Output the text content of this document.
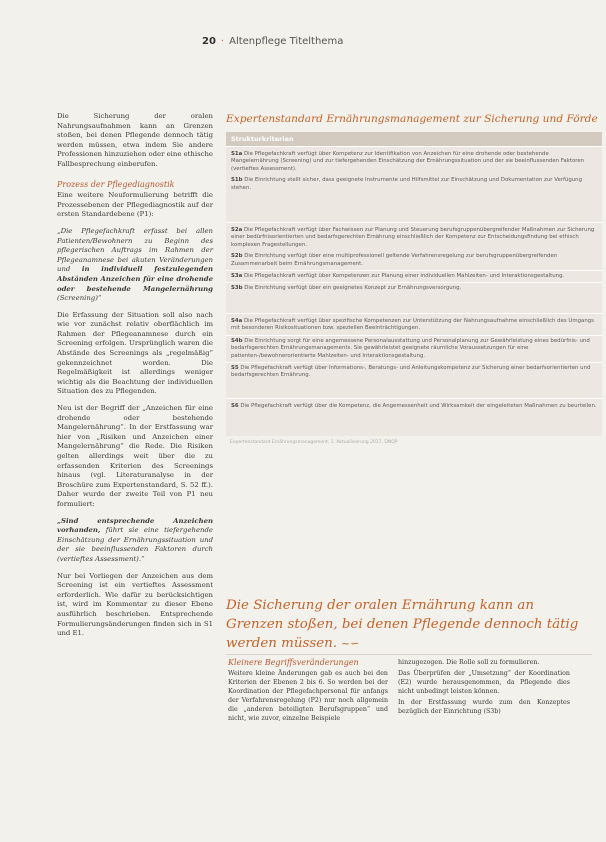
20 · Altenpflege Titelthema

Die Sicherung der oralen Nahrungsaufnahmen kann an Grenzen stoßen, bei denen Pflegende dennoch tätig werden müssen, etwa indem Sie andere Professionen hinzuziehen oder eine ethische Fallbesprechung einberufen.

Prozess der Pflegediagnostik

Eine weitere Neuformulierung betrifft die Prozessebenen der Pflegediagnostik auf der ersten Standardebene (P1):

„Die Pflegefachkraft erfasst bei allen Patienten/Bewohnern zu Beginn des pflegerischen Auftrags im Rahmen der Pflegeanamnese bei akuten Veränderungen und in individuell festzulegenden Abständen Anzeichen für eine drohende oder bestehende Mangelernährung (Screening)“

Die Erfassung der Situation soll also nach wie vor zunächst relativ oberflächlich im Rahmen der Pflegeanamnese durch ein Screening erfolgen. Ursprünglich waren die Abstände des Screenings als „regelmäßig“ gekennzeichnet worden. Die Regelmäßigkeit ist allerdings weniger wichtig als die Beachtung der individuellen Situation des zu Pflegenden.

Neu ist der Begriff der „Anzeichen für eine drohende oder bestehende Mangelernährung“. In der Erstfassung war hier von „Risiken und Anzeichen einer Mangelernährung“ die Rede. Die Risiken gelten allerdings weit über die zu erfassenden Kriterien des Screenings hinaus (vgl. Literaturanalyse in der Broschüre zum Expertenstandard, S. 52 ff.). Daher wurde der zweite Teil von P1 neu formuliert:

„Sind entsprechende Anzeichen vorhanden, führt sie eine tiefergehende Einschätzung der Ernährungssituation und der sie beeinflussenden Faktoren durch (vertieftes Assessment).“

Nur bei Vorliegen der Anzeichen aus dem Screening ist ein vertieftes Assessment erforderlich. Wie dafür zu berücksichtigen ist, wird im Kommentar zu dieser Ebene ausführlich beschrieben. Entsprechende Formulierungsänderungen finden sich in S1 und E1.

Expertenstandard Ernährungsmanagement zur Sicherung und Förde
Strukturkriterien
S1a Die Pflegefachkraft verfügt über Kompetenz zur Identifikation von Anzeichen für eine drohende oder bestehende Mangelernährung (Screening) und zur tiefergehenden Einschätzung der Ernährungssituation und der sie beeinflussenden Faktoren (vertieftes Assessment).
S1b Die Einrichtung stellt sicher, dass geeignete Instrumente und Hilfsmittel zur Einschätzung und Dokumentation zur Verfügung stehen.
S2a Die Pflegefachkraft verfügt über Fachwissen zur Planung und Steuerung berufsgruppenübergreifender Maßnahmen zur Sicherung einer bedürfnisorientierten und bedarfsgerechten Ernährung einschließlich der Kompetenz zur Entscheidungsfindung bei ethisch komplexen Fragestellungen.
S2b Die Einrichtung verfügt über eine multiprofessionell geltende Verfahrensregelung zur berufsgruppenübergreifenden Zusammenarbeit beim Ernährungsmanagement.
S3a Die Pflegefachkraft verfügt über Kompetenzen zur Planung einer individuellen Mahlzeiten- und Interaktionsgestaltung.
S3b Die Einrichtung verfügt über ein geeignetes Konzept zur Ernährungsversorgung.
S4a Die Pflegefachkraft verfügt über spezifische Kompetenzen zur Unterstützung der Nahrungsaufnahme einschließlich des Umgangs mit besonderen Risikosituationen bzw. speziellen Beeinträchtigungen.
S4b Die Einrichtung sorgt für eine angemessene Personalausstattung und Personalplanung zur Gewährleistung eines bedürfnis- und bedarfsgerechten Ernährungsmanagements. Sie gewährleistet geeignete räumliche Voraussetzungen für eine patienten-/bewohnerorientierte Mahlzeiten- und Interaktionsgestaltung.
S5 Die Pflegefachkraft verfügt über Informations-, Beratungs- und Anleitungskompetenz zur Sicherung einer bedarfsorientierten und bedarfsgerechten Ernährung.
S6 Die Pflegefachkraft verfügt über die Kompetenz, die Angemessenheit und Wirksamkeit der eingeleiteten Maßnahmen zu beurteilen.
Expertenstandard Ernährungsmanagement, 1. Aktualisierung 2017, DNQP
Die Sicherung der oralen Ernährung kann an Grenzen stoßen, bei denen Pflegende dennoch tätig werden müssen. ~∽
Kleinere Begriffsveränderungen

Weitere kleine Änderungen gab es auch bei den Kriterien der Ebenen 2 bis 6. So werden bei der Koordination der Pflegefachpersonal für anfangs der Verfahrensregelung (P2) nur noch allgemein die „anderen beteiligten Berufsgruppen“ und nicht, wie zuvor, einzelne Beispiele

hinzugezogen. Die Rolle soll zu formulieren.

Das Überprüfen der „Umsetzung“ der Koordination (E2) wurde herausgenommen, da Pflegende dies nicht unbedingt leisten können.

In der Erstfassung wurde zum den Konzeptes bezüglich der Einrichtung (S3b)
